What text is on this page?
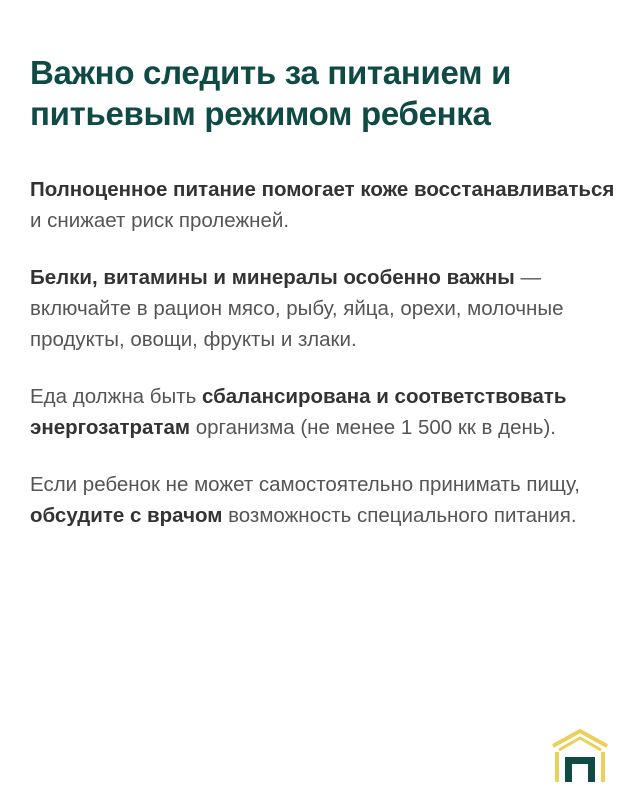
Важно следить за питанием и питьевым режимом ребенка

Полноценное питание помогает коже восстанавливаться и снижает риск пролежней.

Белки, витамины и минералы особенно важны — включайте в рацион мясо, рыбу, яйца, орехи, молочные продукты, овощи, фрукты и злаки.

Еда должна быть сбалансирована и соответствовать энергозатратам организма (не менее 1 500 кк в день).

Если ребенок не может самостоятельно принимать пищу, обсудите с врачом возможность специального питания.
